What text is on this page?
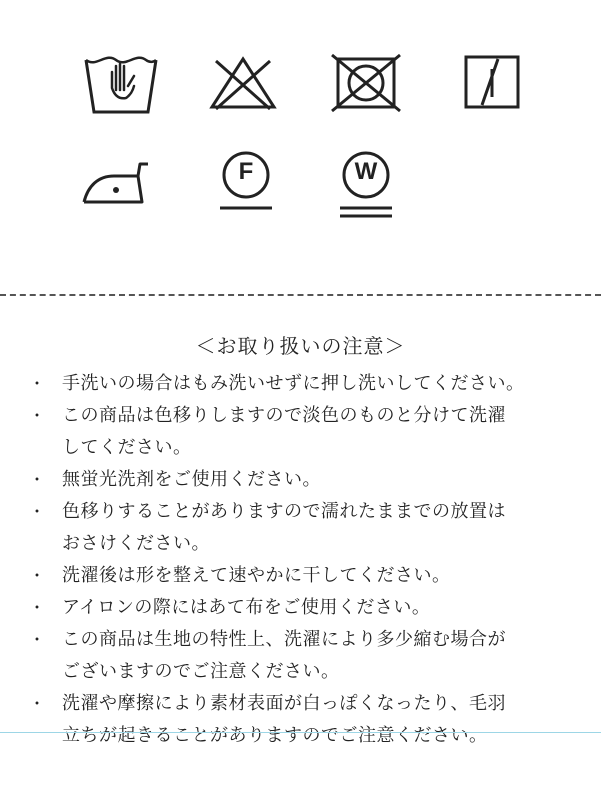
F	W
＜お取り扱いの注意＞
・ 手洗いの場合はもみ洗いせずに押し洗いしてください。
・ この商品は色移りしますので淡色のものと分けて洗濯
してください。
・ 無蛍光洗剤をご使用ください。
・ 色移りすることがありますので濡れたままでの放置は
おさけください。
・ 洗濯後は形を整えて速やかに干してください。
・ アイロンの際にはあて布をご使用ください。
・ この商品は生地の特性上、洗濯により多少縮む場合が
ございますのでご注意ください。
・ 洗濯や摩擦により素材表面が白っぽくなったり、毛羽
立ちが起きることがありますのでご注意ください。
